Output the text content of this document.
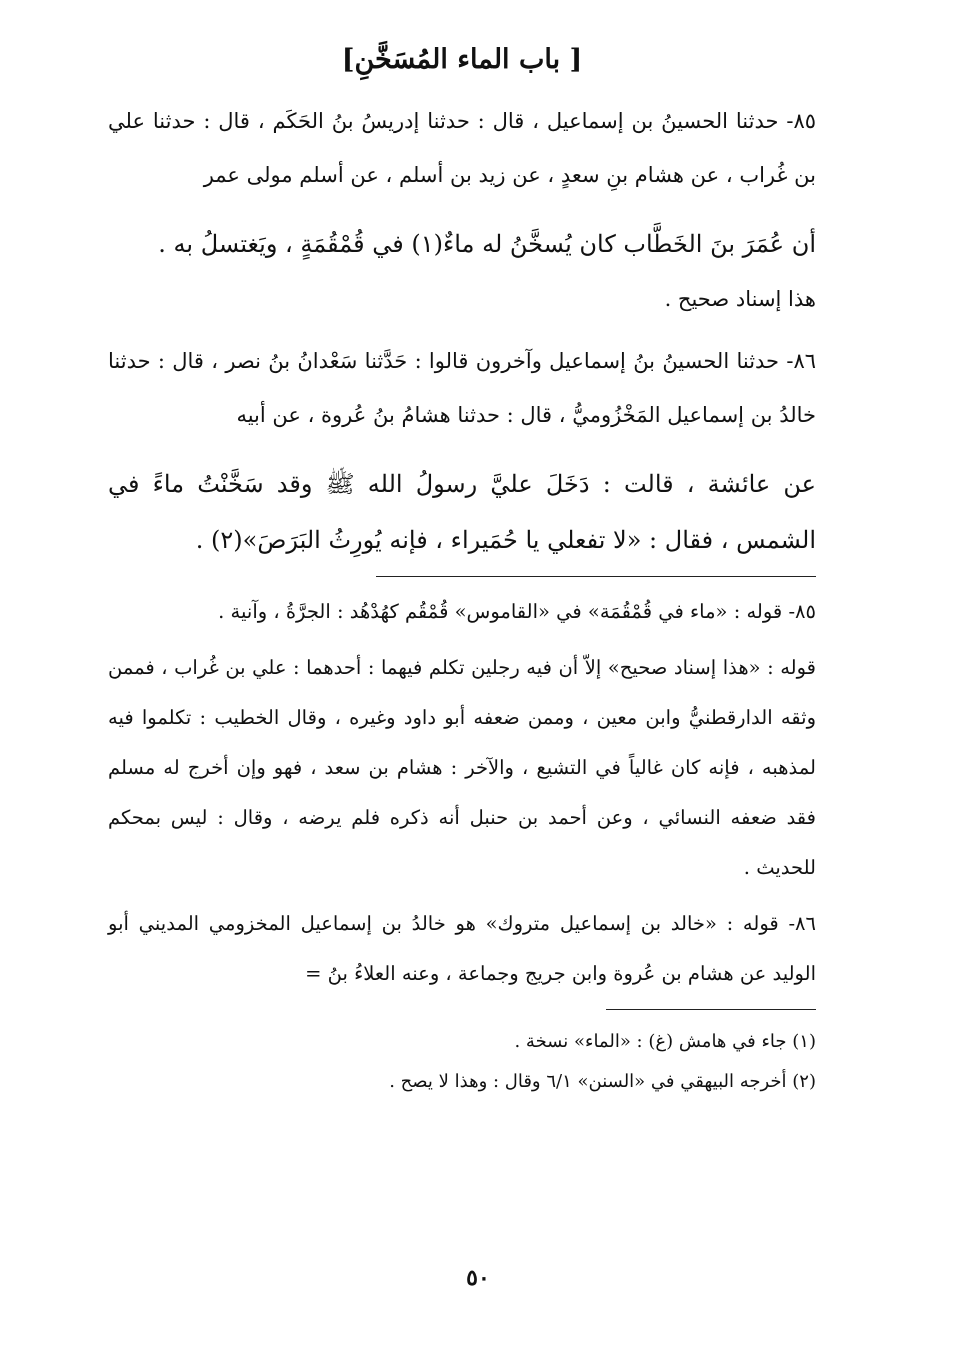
[ باب الماء المُسَخَّنِ]

٨٥- حدثنا الحسينُ بن إسماعيل ، قال : حدثنا إدريسُ بنُ الحَكَم ، قال : حدثنا علي بن غُراب ، عن هشام بنِ سعدٍ ، عن زيد بن أسلم ، عن أسلم مولى عمر

أن عُمَرَ بنَ الخَطَّاب كان يُسخَّنُ له ماءٌ(١) في قُمْقُمَةٍ ، ويَغتسلُ به .

هذا إسناد صحيح .

٨٦- حدثنا الحسينُ بنُ إسماعيل وآخرون قالوا : حَدَّثنا سَعْدانُ بنُ نصر ، قال : حدثنا خالدُ بن إسماعيل المَخْزُوميُّ ، قال : حدثنا هشامُ بنُ عُروة ، عن أبيه

عن عائشة ، قالت : دَخَلَ عليَّ رسولُ الله ﷺ وقد سَخَّنْتُ ماءً في الشمس ، فقال : «لا تفعلي يا حُمَيراء ، فإنه يُورِثُ البَرَصَ»(٢) .

٨٥- قوله : «ماء في قُمْقُمَة» في «القاموس» قُمْقُم كهُدْهُد : الجرَّةُ ، وآنية .

قوله : «هذا إسناد صحيح» إلاّ أن فيه رجلين تكلم فيهما : أحدهما : علي بن غُراب ، فممن وثقه الدارقطنيُّ وابن معين ، وممن ضعفه أبو داود وغيره ، وقال الخطيب : تكلموا فيه لمذهبه ، فإنه كان غالياً في التشيع ، والآخر : هشام بن سعد ، فهو وإن أخرج له مسلم فقد ضعفه النسائي ، وعن أحمد بن حنبل أنه ذكره فلم يرضه ، وقال : ليس بمحكم للحديث .

٨٦- قوله : «خالد بن إسماعيل متروك» هو خالدُ بن إسماعيل المخزومي المديني أبو الوليد عن هشام بن عُروة وابن جريج وجماعة ، وعنه العلاءُ بنُ =

(١) جاء في هامش (غ) : «الماء» نسخة .

(٢) أخرجه البيهقي في «السنن» ٦/١ وقال : وهذا لا يصح .

٥٠
